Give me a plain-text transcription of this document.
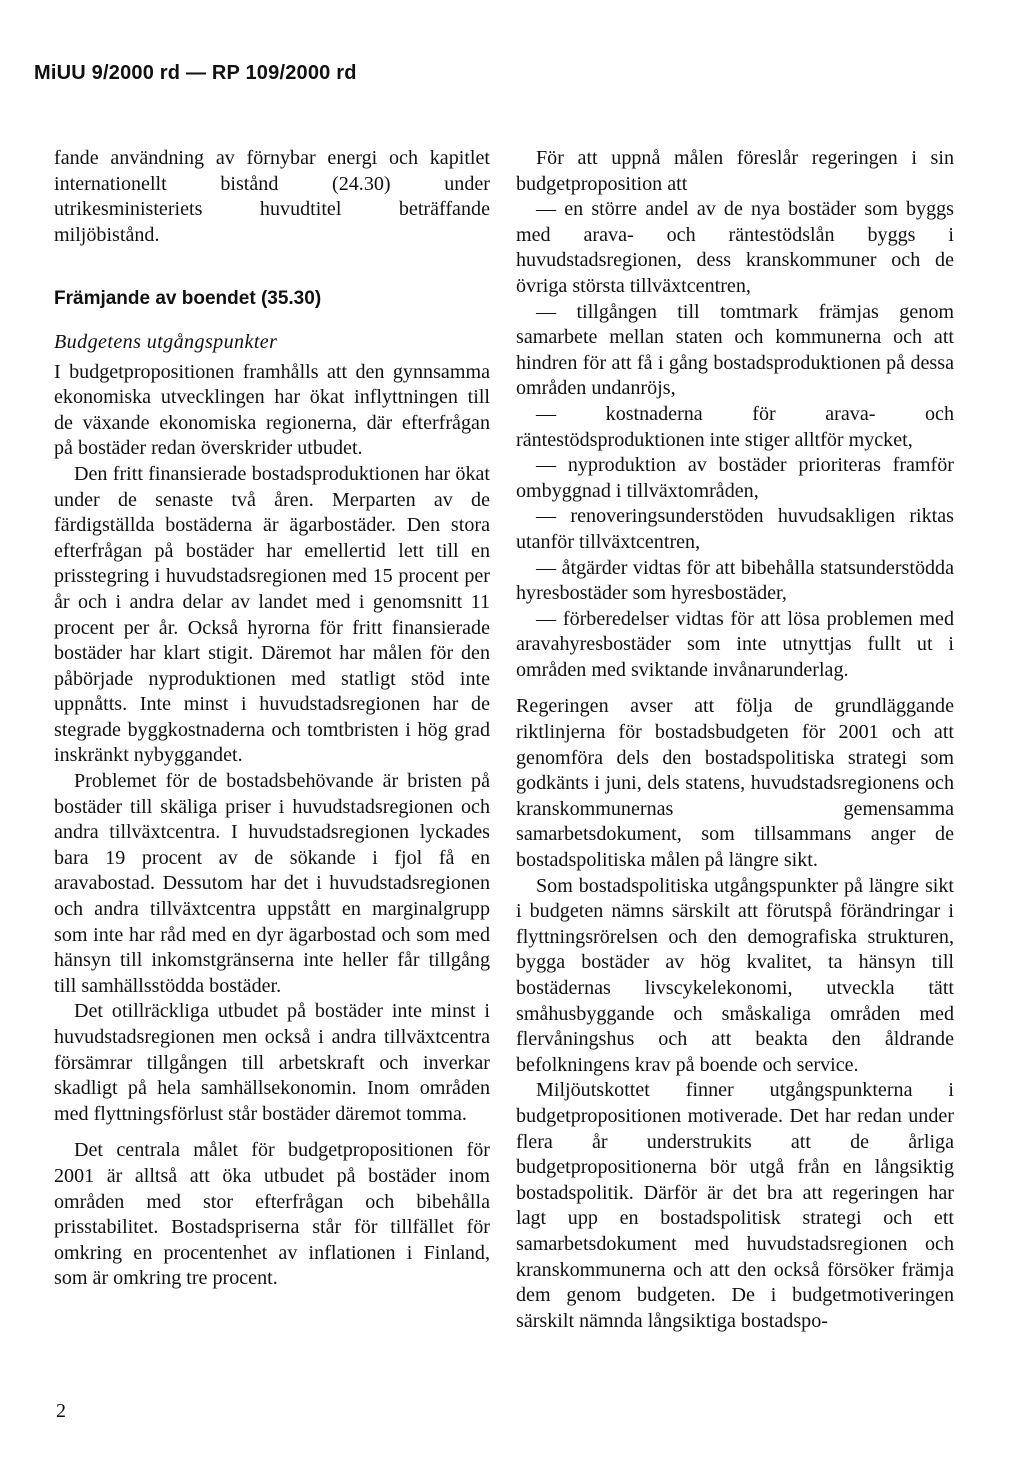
MiUU 9/2000 rd — RP 109/2000 rd

fande användning av förnybar energi och kapitlet internationellt bistånd (24.30) under utrikesministeriets huvudtitel beträffande miljöbistånd.

Främjande av boendet (35.30)

Budgetens utgångspunkter

I budgetpropositionen framhålls att den gynnsamma ekonomiska utvecklingen har ökat inflyttningen till de växande ekonomiska regionerna, där efterfrågan på bostäder redan överskrider utbudet.

Den fritt finansierade bostadsproduktionen har ökat under de senaste två åren. Merparten av de färdigställda bostäderna är ägarbostäder. Den stora efterfrågan på bostäder har emellertid lett till en prisstegring i huvudstadsregionen med 15 procent per år och i andra delar av landet med i genomsnitt 11 procent per år. Också hyrorna för fritt finansierade bostäder har klart stigit. Däremot har målen för den påbörjade nyproduktionen med statligt stöd inte uppnåtts. Inte minst i huvudstadsregionen har de stegrade byggkostnaderna och tomtbristen i hög grad inskränkt nybyggandet.

Problemet för de bostadsbehövande är bristen på bostäder till skäliga priser i huvudstadsregionen och andra tillväxtcentra. I huvudstadsregionen lyckades bara 19 procent av de sökande i fjol få en aravabostad. Dessutom har det i huvudstadsregionen och andra tillväxtcentra uppstått en marginalgrupp som inte har råd med en dyr ägarbostad och som med hänsyn till inkomstgränserna inte heller får tillgång till samhällsstödda bostäder.

Det otillräckliga utbudet på bostäder inte minst i huvudstadsregionen men också i andra tillväxtcentra försämrar tillgången till arbetskraft och inverkar skadligt på hela samhällsekonomin. Inom områden med flyttningsförlust står bostäder däremot tomma.

Det centrala målet för budgetpropositionen för 2001 är alltså att öka utbudet på bostäder inom områden med stor efterfrågan och bibehålla prisstabilitet. Bostadspriserna står för tillfället för omkring en procentenhet av inflationen i Finland, som är omkring tre procent.

För att uppnå målen föreslår regeringen i sin budgetproposition att

— en större andel av de nya bostäder som byggs med arava- och räntestödslån byggs i huvudstadsregionen, dess kranskommuner och de övriga största tillväxtcentren,

— tillgången till tomtmark främjas genom samarbete mellan staten och kommunerna och att hindren för att få i gång bostadsproduktionen på dessa områden undanröjs,

— kostnaderna för arava- och räntestödsproduktionen inte stiger alltför mycket,

— nyproduktion av bostäder prioriteras framför ombyggnad i tillväxtområden,

— renoveringsunderstöden huvudsakligen riktas utanför tillväxtcentren,

— åtgärder vidtas för att bibehålla statsunderstödda hyresbostäder som hyresbostäder,

— förberedelser vidtas för att lösa problemen med aravahyresbostäder som inte utnyttjas fullt ut i områden med sviktande invånarunderlag.

Regeringen avser att följa de grundläggande riktlinjerna för bostadsbudgeten för 2001 och att genomföra dels den bostadspolitiska strategi som godkänts i juni, dels statens, huvudstadsregionens och kranskommunernas gemensamma samarbetsdokument, som tillsammans anger de bostadspolitiska målen på längre sikt.

Som bostadspolitiska utgångspunkter på längre sikt i budgeten nämns särskilt att förutspå förändringar i flyttningsrörelsen och den demografiska strukturen, bygga bostäder av hög kvalitet, ta hänsyn till bostädernas livscykelekonomi, utveckla tätt småhusbyggande och småskaliga områden med flervåningshus och att beakta den åldrande befolkningens krav på boende och service.

Miljöutskottet finner utgångspunkterna i budgetpropositionen motiverade. Det har redan under flera år understrukits att de årliga budgetpropositionerna bör utgå från en långsiktig bostadspolitik. Därför är det bra att regeringen har lagt upp en bostadspolitisk strategi och ett samarbetsdokument med huvudstadsregionen och kranskommunerna och att den också försöker främja dem genom budgeten. De i budgetmotiveringen särskilt nämnda långsiktiga bostadspo-

2
